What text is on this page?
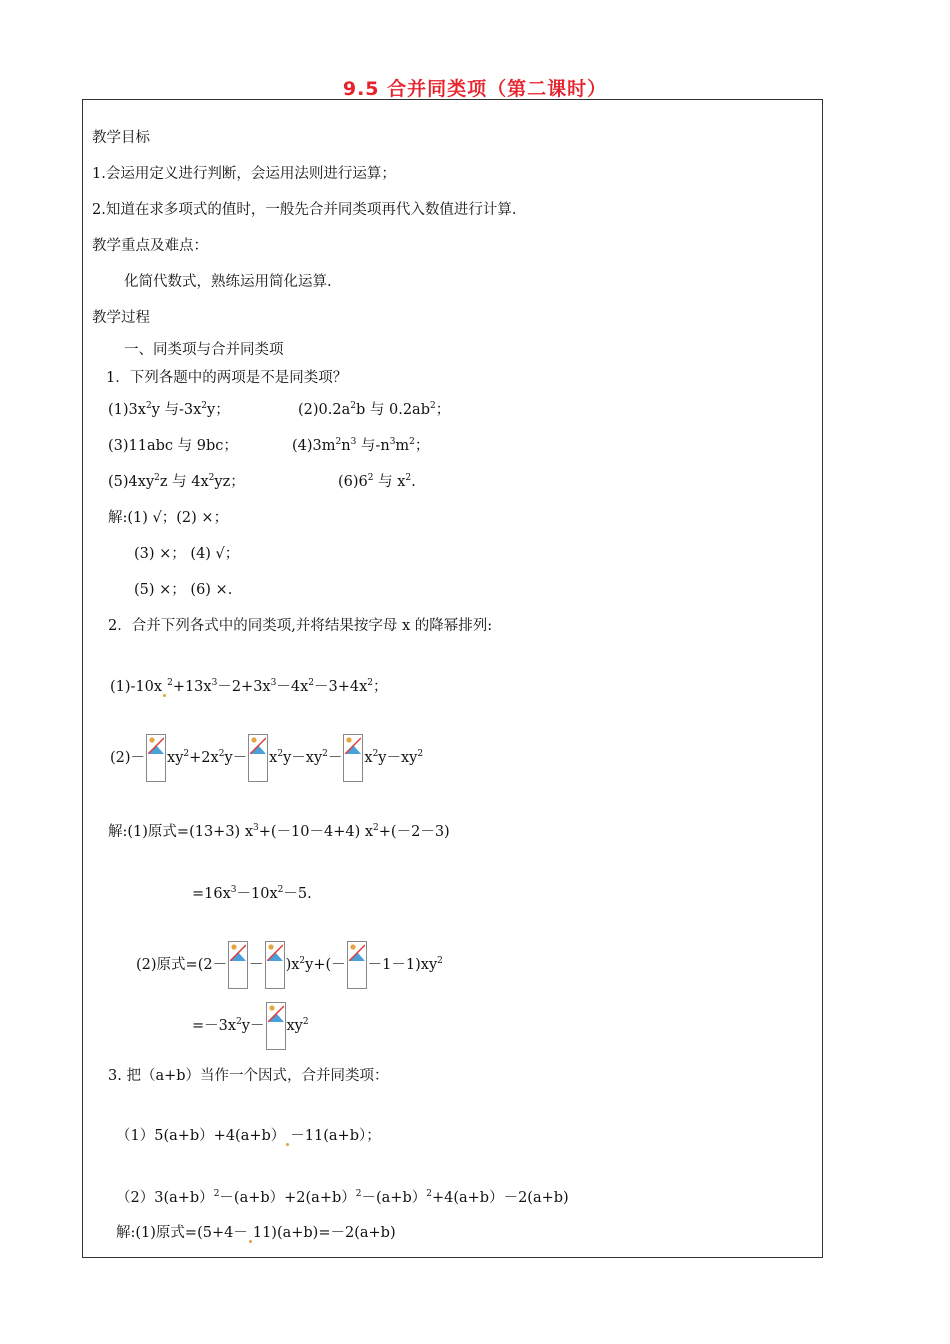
9.5 合并同类项（第二课时）
教学目标
1.会运用定义进行判断，会运用法则进行运算；
2.知道在求多项式的值时，一般先合并同类项再代入数值进行计算.
教学重点及难点：
化简代数式，熟练运用简化运算.
教学过程
一、同类项与合并同类项
1．下列各题中的两项是不是同类项？
$(1)3x^2y$ 与$-3x^2y$；	$(2)0.2a^2b$ 与 $0.2ab^2$；
(3)11abc 与 9bc；	$(4)3m^2n^3$ 与$-n^3m^2$；
$(5)4xy^2z$ 与 $4x^2yz$；	$(6)6^2$ 与 $x^2$.
解:(1) √；(2) ×；
(3) ×； (4) √；
(5) ×； (6) ×.
2．合并下列各式中的同类项,并将结果按字母 x 的降幂排列:
(1)-10x $^2+13x^3-2+3x^3-4x^2-3+4x^2$；
$(2)- xy^2+2x^2y- x^2y-xy^2- x^2y-xy^2$
解:(1)原式=(13+3) $x^3+(-10-4+4)$ $x^2+(-2-3)$
$=16x^3-10x^2-5$.
(2)原式$=(2- - )x^2y+(- -1-1)xy^2$
$=-3x^2y- xy^2$
3. 把（a+b）当作一个因式，合并同类项：
（1）5(a+b）+4(a+b） －11(a+b）；
（2）3(a+b）$^2$－(a+b）+2(a+b）$^2$－(a+b）$^2$+4(a+b）－2(a+b)
解:(1)原式=(5+4－ 11)(a+b)=－2(a+b)
